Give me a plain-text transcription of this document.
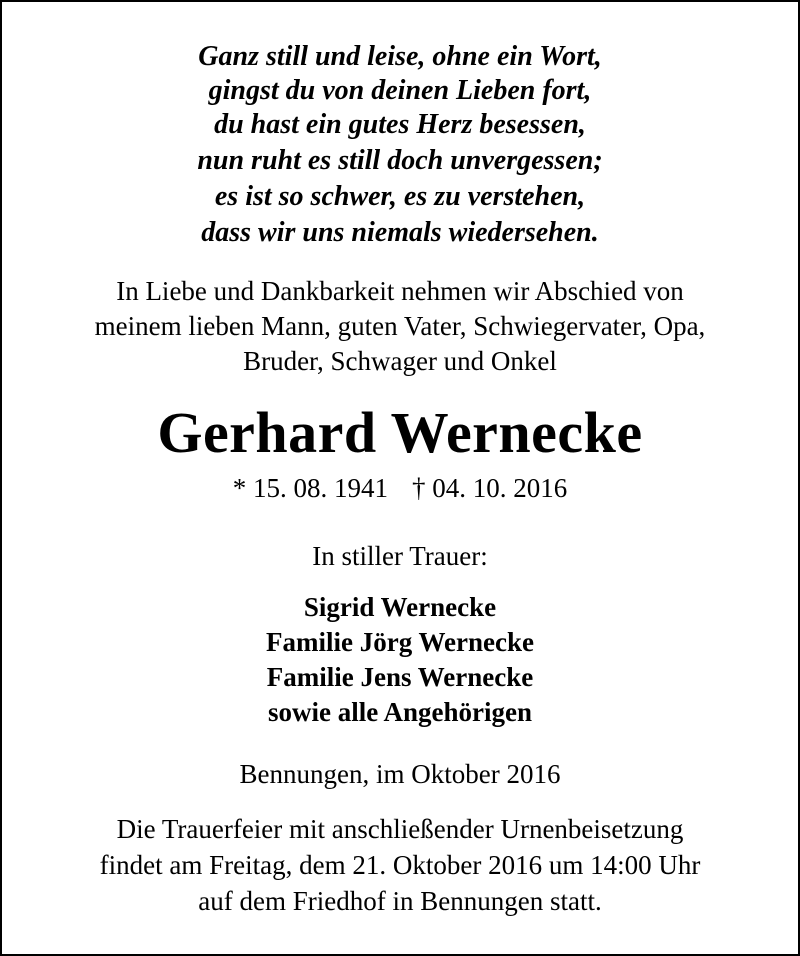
Ganz still und leise, ohne ein Wort,
gingst du von deinen Lieben fort,
du hast ein gutes Herz besessen,
nun ruht es still doch unvergessen;
es ist so schwer, es zu verstehen,
dass wir uns niemals wiedersehen.
In Liebe und Dankbarkeit nehmen wir Abschied von
meinem lieben Mann, guten Vater, Schwiegervater, Opa,
Bruder, Schwager und Onkel
Gerhard Wernecke
* 15. 08. 1941 † 04. 10. 2016
In stiller Trauer:
Sigrid Wernecke
Familie Jörg Wernecke
Familie Jens Wernecke
sowie alle Angehörigen
Bennungen, im Oktober 2016
Die Trauerfeier mit anschließender Urnenbeisetzung
findet am Freitag, dem 21. Oktober 2016 um 14:00 Uhr
auf dem Friedhof in Bennungen statt.
